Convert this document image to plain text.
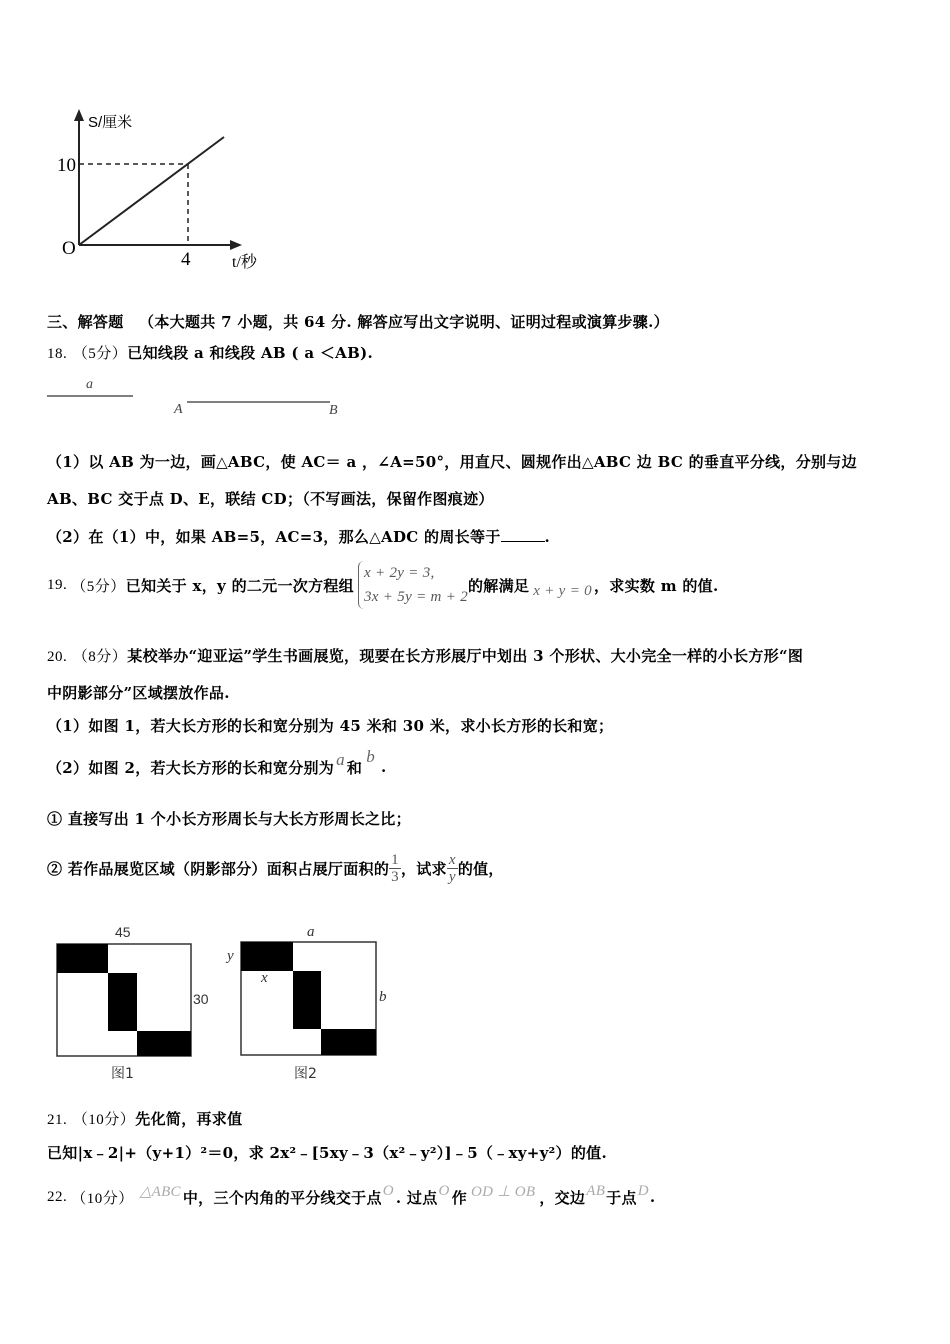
S/厘米
t/秒
O
10
4
三、解答题 （本大题共 7 小题，共 64 分. 解答应写出文字说明、证明过程或演算步骤.）
18. （5分）已知线段 a 和线段 AB ( a ＜AB).
a
A	B
（1）以 AB 为一边，画△ABC，使 AC＝ a ，∠A=50°，用直尺、圆规作出△ABC 边 BC 的垂直平分线，分别与边
AB、BC 交于点 D、E，联结 CD；（不写画法，保留作图痕迹）
（2）在（1）中，如果 AB=5，AC=3，那么△ADC 的周长等于	.
19. （5分） 已知关于 x，y 的二元一次方程组
x + 2y = 3,
3x + 5y = m + 2
的解满足 x + y = 0 ，求实数 m 的值.
20. （8分）某校举办“迎亚运”学生书画展览，现要在长方形展厅中划出 3 个形状、大小完全一样的小长方形“图
中阴影部分”区域摆放作品.
（1）如图 1，若大长方形的长和宽分别为 45 米和 30 米，求小长方形的长和宽；
（2）如图 2，若大长方形的长和宽分别为 a 和
b
.
① 直接写出 1 个小长方形周长与大长方形周长之比；
② 若作品展览区域（阴影部分）面积占展厅面积的 $\frac{1}{3}$ ，试求 $\frac{x}{y}$ 的值，
45
30
图1
a
b
y
x
图2
21. （10分）先化简，再求值
已知|x﹣2|+（y+1）²＝0，求 2x²﹣[5xy﹣3（x²﹣y²）]﹣5（﹣xy+y²）的值.
22. （10分） △ABC 中，三个内角的平分线交于点 O . 过点 O 作 OD ⊥ OB ，交边 AB 于点 D .
